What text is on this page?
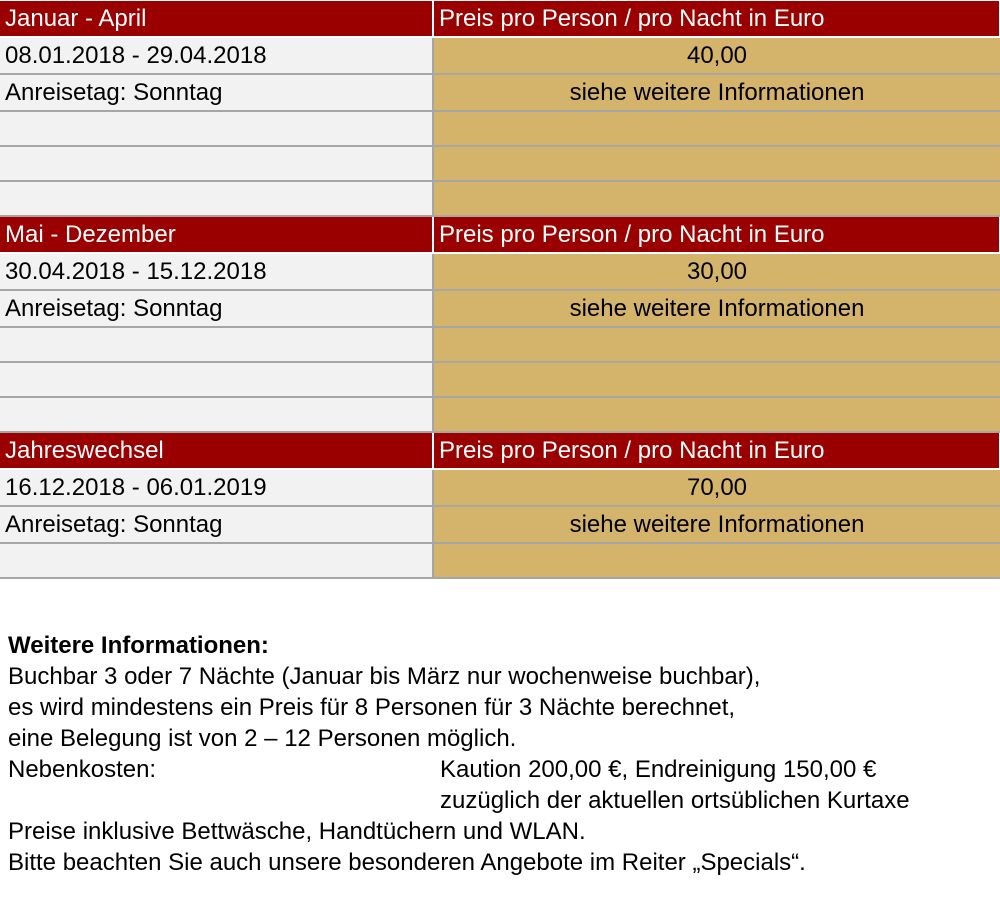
Januar - April	Preis pro Person / pro Nacht in Euro
08.01.2018 - 29.04.2018	40,00
Anreisetag: Sonntag	siehe weitere Informationen

Mai - Dezember	Preis pro Person / pro Nacht in Euro
30.04.2018 - 15.12.2018	30,00
Anreisetag: Sonntag	siehe weitere Informationen

Jahreswechsel	Preis pro Person / pro Nacht in Euro
16.12.2018 - 06.01.2019	70,00
Anreisetag: Sonntag	siehe weitere Informationen

Weitere Informationen:
Buchbar 3 oder 7 Nächte (Januar bis März nur wochenweise buchbar),
es wird mindestens ein Preis für 8 Personen für 3 Nächte berechnet,
eine Belegung ist von 2 – 12 Personen möglich.
Nebenkosten:	Kaution 200,00 €, Endreinigung 150,00 €
zuzüglich der aktuellen ortsüblichen Kurtaxe
Preise inklusive Bettwäsche, Handtüchern und WLAN.
Bitte beachten Sie auch unsere besonderen Angebote im Reiter „Specials“.
